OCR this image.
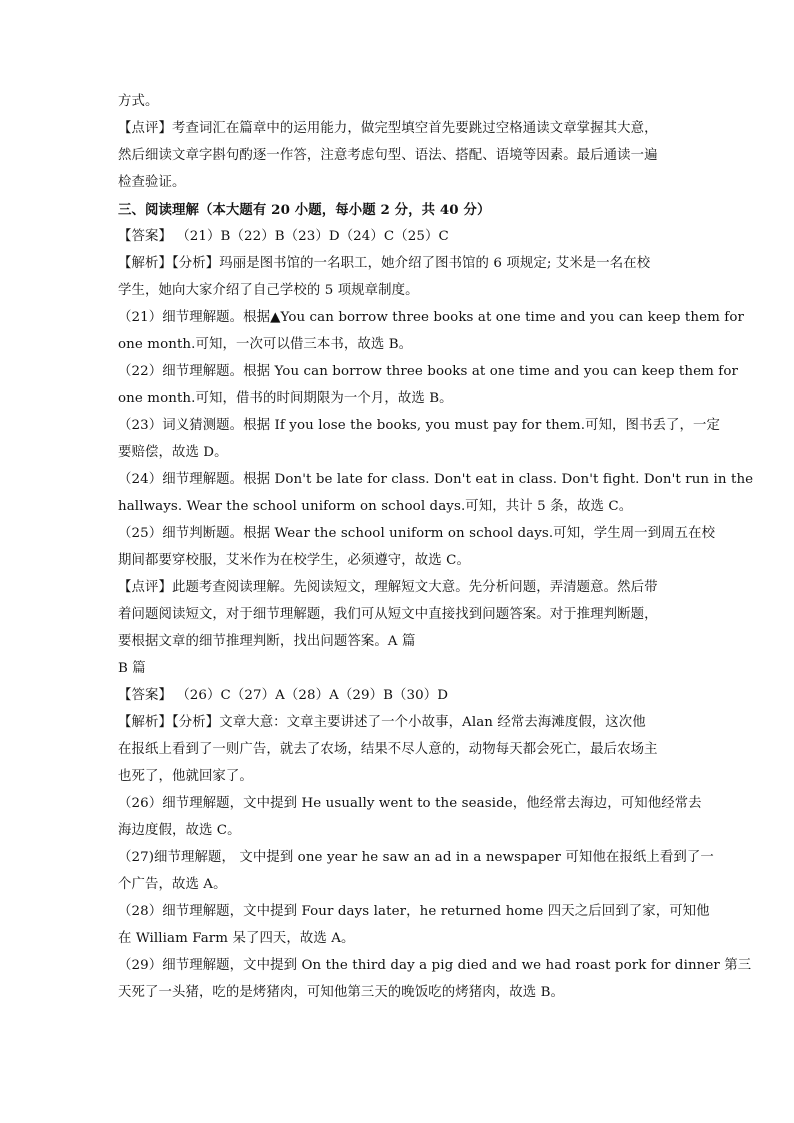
方式。
【点评】考查词汇在篇章中的运用能力，做完型填空首先要跳过空格通读文章掌握其大意，
然后细读文章字斟句酌逐一作答，注意考虑句型、语法、搭配、语境等因素。最后通读一遍
检查验证。
三、阅读理解（本大题有 20 小题，每小题 2 分，共 40 分）
【答案】 （21）B（22）B（23）D（24）C（25）C
【解析】【分析】玛丽是图书馆的一名职工，她介绍了图书馆的 6 项规定; 艾米是一名在校
学生，她向大家介绍了自己学校的 5 项规章制度。
（21）细节理解题。根据▲You can borrow three books at one time and you can keep them for
one month.可知，一次可以借三本书，故选 B。
（22）细节理解题。根据 You can borrow three books at one time and you can keep them for
one month.可知，借书的时间期限为一个月，故选 B。
（23）词义猜测题。根据 If you lose the books, you must pay for them.可知，图书丢了，一定
要赔偿，故选 D。
（24）细节理解题。根据 Don't be late for class. Don't eat in class. Don't fight. Don't run in the
hallways. Wear the school uniform on school days.可知，共计 5 条，故选 C。
（25）细节判断题。根据 Wear the school uniform on school days.可知，学生周一到周五在校
期间都要穿校服，艾米作为在校学生，必须遵守，故选 C。
【点评】此题考查阅读理解。先阅读短文，理解短文大意。先分析问题，弄清题意。然后带
着问题阅读短文，对于细节理解题，我们可从短文中直接找到问题答案。对于推理判断题，
要根据文章的细节推理判断，找出问题答案。A 篇
B 篇
【答案】 （26）C（27）A（28）A（29）B（30）D
【解析】【分析】文章大意：文章主要讲述了一个小故事，Alan 经常去海滩度假，这次他
在报纸上看到了一则广告，就去了农场，结果不尽人意的，动物每天都会死亡，最后农场主
也死了，他就回家了。
（26）细节理解题，文中提到 He usually went to the seaside，他经常去海边，可知他经常去
海边度假，故选 C。
（27)细节理解题， 文中提到 one year he saw an ad in a newspaper 可知他在报纸上看到了一
个广告，故选 A。
（28）细节理解题，文中提到 Four days later，he returned home 四天之后回到了家，可知他
在 William Farm 呆了四天，故选 A。
（29）细节理解题，文中提到 On the third day a pig died and we had roast pork for dinner 第三
天死了一头猪，吃的是烤猪肉，可知他第三天的晚饭吃的烤猪肉，故选 B。
